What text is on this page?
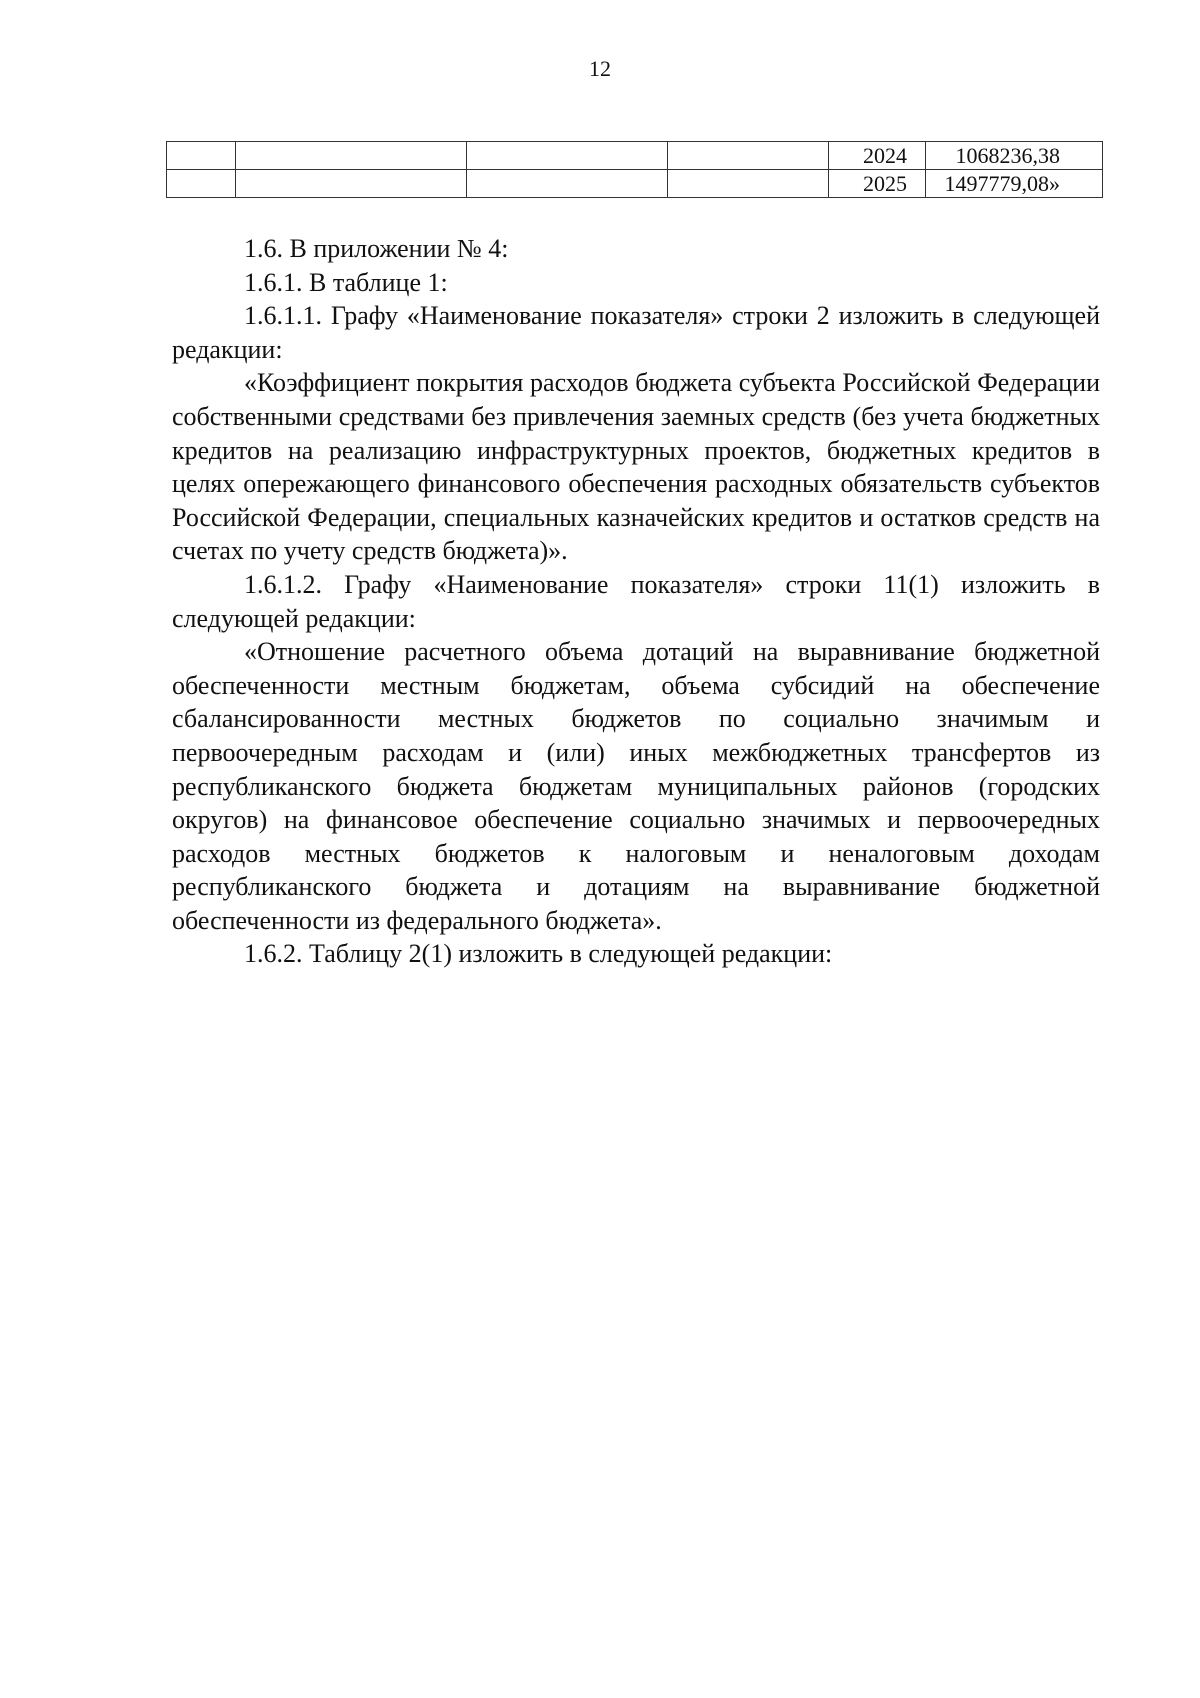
12
				2024	1068236,38
				2025	1497779,08»

1.6. В приложении № 4:

1.6.1. В таблице 1:

1.6.1.1. Графу «Наименование показателя» строки 2 изложить в следующей редакции:

«Коэффициент покрытия расходов бюджета субъекта Российской Федерации собственными средствами без привлечения заемных средств (без учета бюджетных кредитов на реализацию инфраструктурных проектов, бюджетных кредитов в целях опережающего финансового обеспечения расходных обязательств субъектов Российской Федерации, специальных казначейских кредитов и остатков средств на счетах по учету средств бюджета)».

1.6.1.2. Графу «Наименование показателя» строки 11(1) изложить в следующей редакции:

«Отношение расчетного объема дотаций на выравнивание бюджетной обеспеченности местным бюджетам, объема субсидий на обеспечение сбалансированности местных бюджетов по социально значимым и первоочередным расходам и (или) иных межбюджетных трансфертов из республиканского бюджета бюджетам муниципальных районов (городских округов) на финансовое обеспечение социально значимых и первоочередных расходов местных бюджетов к налоговым и неналоговым доходам республиканского бюджета и дотациям на выравнивание бюджетной обеспеченности из федерального бюджета».

1.6.2. Таблицу 2(1) изложить в следующей редакции:
